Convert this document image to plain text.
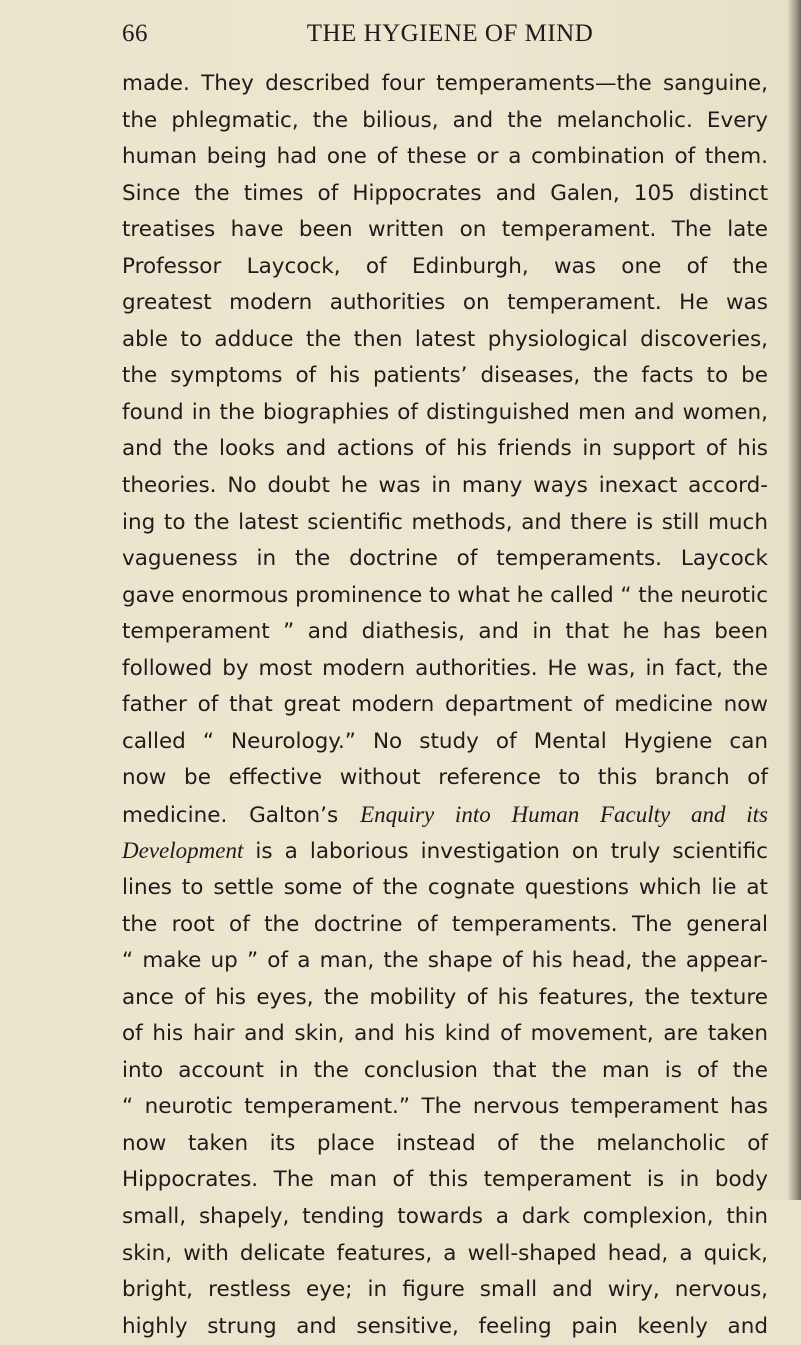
66	THE HYGIENE OF MIND
made. They described four temperaments—the sanguine,
the phlegmatic, the bilious, and the melancholic. Every
human being had one of these or a combination of them.
Since the times of Hippocrates and Galen, 105 distinct
treatises have been written on temperament. The late
Professor Laycock, of Edinburgh, was one of the
greatest modern authorities on temperament. He was
able to adduce the then latest physiological discoveries,
the symptoms of his patients’ diseases, the facts to be
found in the biographies of distinguished men and women,
and the looks and actions of his friends in support of his
theories. No doubt he was in many ways inexact accord-
ing to the latest scientific methods, and there is still much
vagueness in the doctrine of temperaments. Laycock
gave enormous prominence to what he called “ the neurotic
temperament ” and diathesis, and in that he has been
followed by most modern authorities. He was, in fact, the
father of that great modern department of medicine now
called “ Neurology.” No study of Mental Hygiene can
now be effective without reference to this branch of
medicine. Galton’s Enquiry into Human Faculty and its
Development is a laborious investigation on truly scientific
lines to settle some of the cognate questions which lie at
the root of the doctrine of temperaments. The general
“ make up ” of a man, the shape of his head, the appear-
ance of his eyes, the mobility of his features, the texture
of his hair and skin, and his kind of movement, are taken
into account in the conclusion that the man is of the
“ neurotic temperament.” The nervous temperament has
now taken its place instead of the melancholic of
Hippocrates. The man of this temperament is in body
small, shapely, tending towards a dark complexion, thin
skin, with delicate features, a well-shaped head, a quick,
bright, restless eye; in figure small and wiry, nervous,
highly strung and sensitive, feeling pain keenly and
